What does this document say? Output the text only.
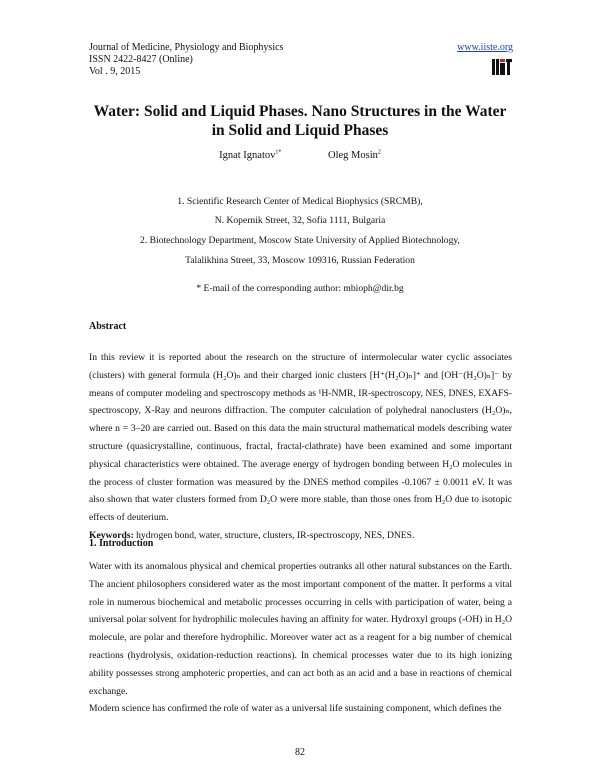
Journal of Medicine, Physiology and Biophysics
ISSN 2422-8427 (Online)
Vol . 9, 2015
www.iiste.org
Water: Solid and Liquid Phases. Nano Structures in the Water
in Solid and Liquid Phases
Ignat Ignatov$^{1*}$	Oleg Mosin$^2$
1. Scientific Research Center of Medical Biophysics (SRCMB),
N. Kopernik Street, 32, Sofia 1111, Bulgaria
2. Biotechnology Department, Moscow State University of Applied Biotechnology,
Talalikhina Street, 33, Moscow 109316, Russian Federation
* E-mail of the corresponding author: mbioph@dir.bg
Abstract

In this review it is reported about the research on the structure of intermolecular water cyclic associates (clusters) with general formula (H₂O)ₙ and their charged ionic clusters [H⁺(H₂O)ₙ]⁺ and [OH⁻(H₂O)ₙ]⁻ by means of computer modeling and spectroscopy methods as ¹H-NMR, IR-spectroscopy, NES, DNES, EXAFS-spectroscopy, X-Ray and neurons diffraction. The computer calculation of polyhedral nanoclusters (H₂O)ₙ, where n = 3–20 are carried out. Based on this data the main structural mathematical models describing water structure (quasicrystalline, continuous, fractal, fractal-clathrate) have been examined and some important physical characteristics were obtained. The average energy of hydrogen bonding between H₂O molecules in the process of cluster formation was measured by the DNES method compiles -0.1067 ± 0.0011 eV. It was also shown that water clusters formed from D₂O were more stable, than those ones from H₂O due to isotopic effects of deuterium.

Keywords: hydrogen bond, water, structure, clusters, IR-spectroscopy, NES, DNES.

1. Introduction

Water with its anomalous physical and chemical properties outranks all other natural substances on the Earth. The ancient philosophers considered water as the most important component of the matter. It performs a vital role in numerous biochemical and metabolic processes occurring in cells with participation of water, being a universal polar solvent for hydrophilic molecules having an affinity for water. Hydroxyl groups (-OH) in H₂O molecule, are polar and therefore hydrophilic. Moreover water act as a reagent for a big number of chemical reactions (hydrolysis, oxidation-reduction reactions). In chemical processes water due to its high ionizing ability possesses strong amphoteric properties, and can act both as an acid and a base in reactions of chemical exchange.

Modern science has confirmed the role of water as a universal life sustaining component, which defines the

82
